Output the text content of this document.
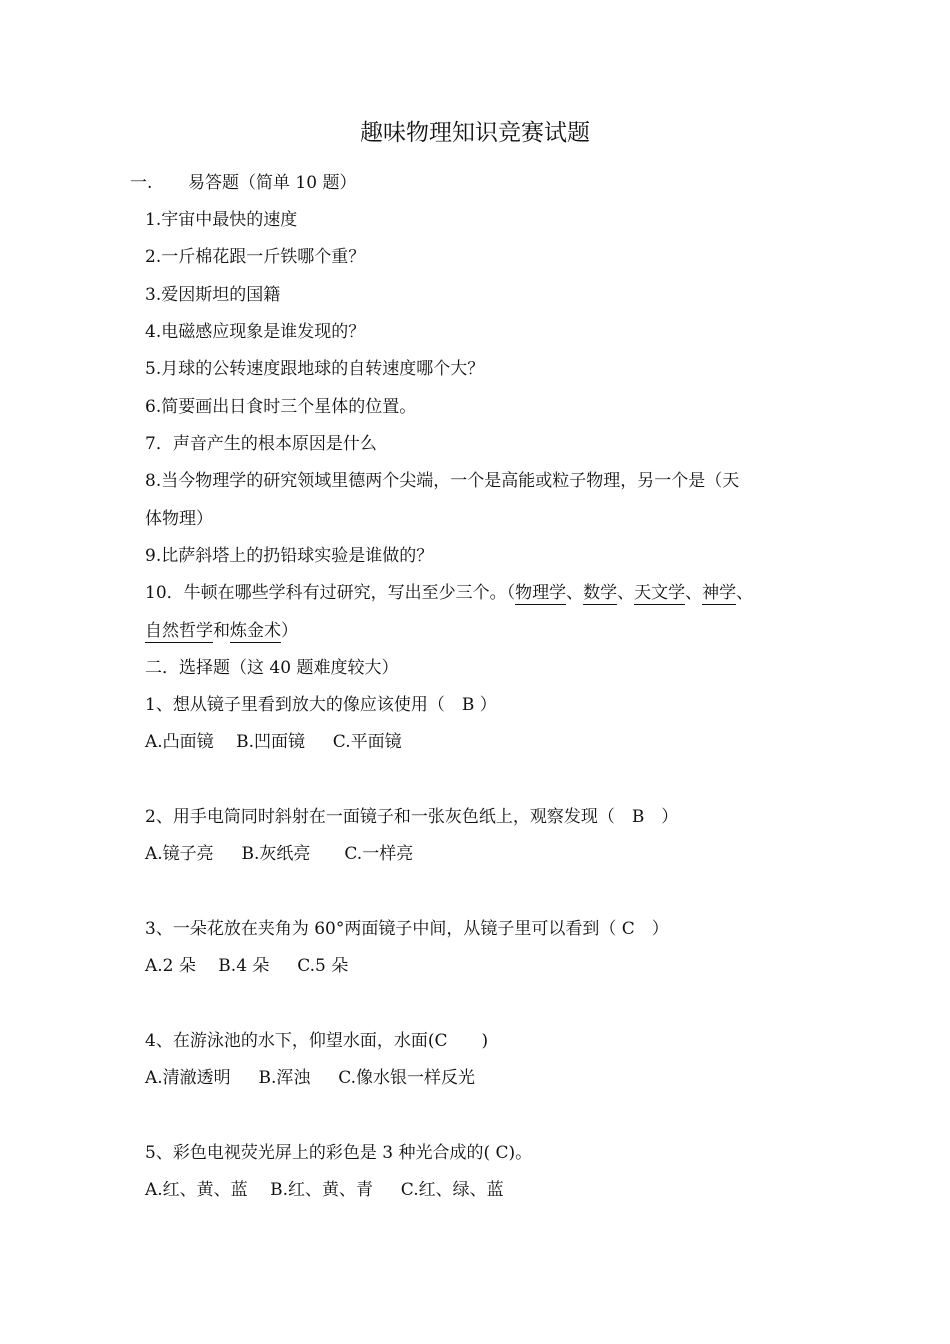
趣味物理知识竞赛试题
一. 易答题（简单 10 题）
1.宇宙中最快的速度
2.一斤棉花跟一斤铁哪个重？
3.爱因斯坦的国籍
4.电磁感应现象是谁发现的？
5.月球的公转速度跟地球的自转速度哪个大？
6.简要画出日食时三个星体的位置。
7．声音产生的根本原因是什么
8.当今物理学的研究领域里德两个尖端，一个是高能或粒子物理，另一个是（天
体物理）
9.比萨斜塔上的扔铅球实验是谁做的？
10．牛顿在哪些学科有过研究，写出至少三个。（物理学、数学、天文学、神学、
自然哲学和炼金术）
二．选择题（这 40 题难度较大）
1、想从镜子里看到放大的像应该使用（　B ）
A.凸面镜　 B.凹面镜 　 C.平面镜
2、用手电筒同时斜射在一面镜子和一张灰色纸上，观察发现（　B　）
A.镜子亮 　 B.灰纸亮　　C.一样亮
3、一朵花放在夹角为 60°两面镜子中间，从镜子里可以看到（ C　）
A.2 朵 　B.4 朵 　 C.5 朵
4、在游泳池的水下，仰望水面，水面(C　　)
A.清澈透明 　 B.浑浊 　 C.像水银一样反光
5、彩色电视荧光屏上的彩色是 3 种光合成的( C)。
A.红、黄、蓝　 B.红、黄、青 　 C.红、绿、蓝
